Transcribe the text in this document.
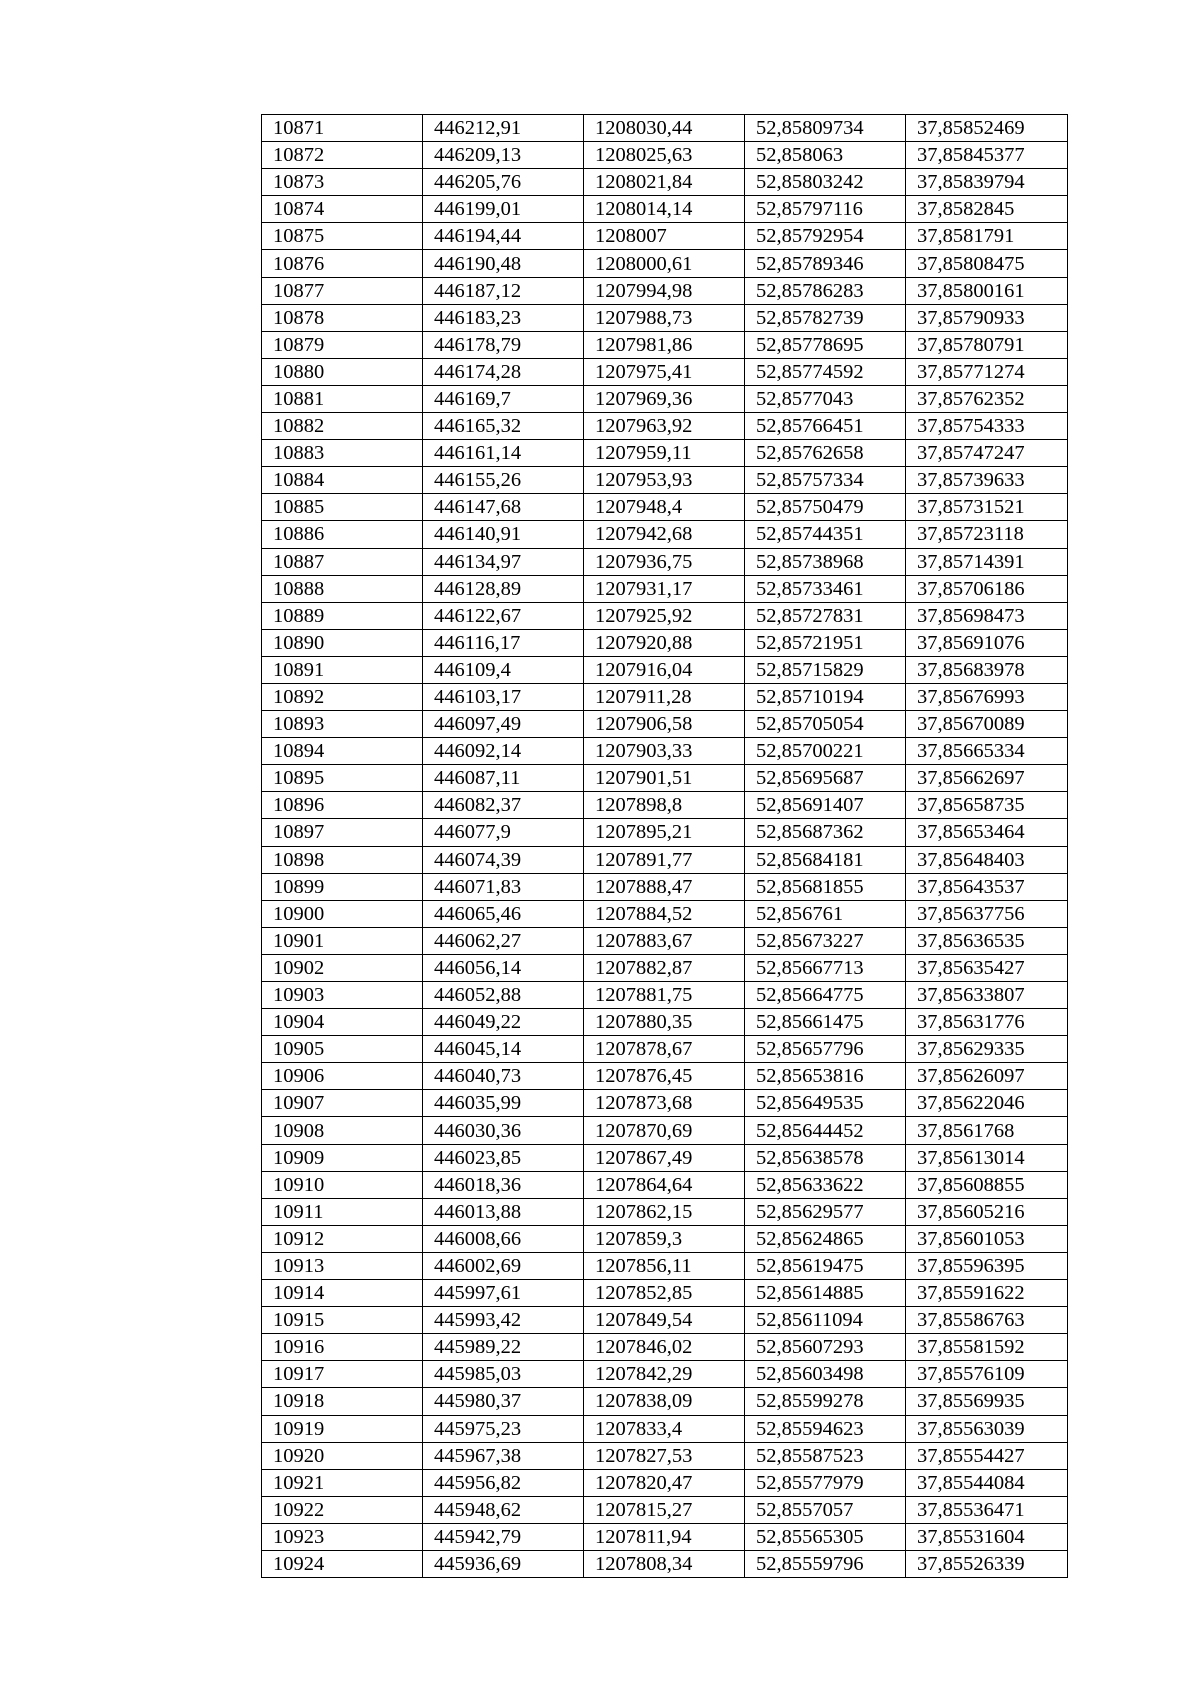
10871	446212,91	1208030,44	52,85809734	37,85852469
10872	446209,13	1208025,63	52,858063	37,85845377
10873	446205,76	1208021,84	52,85803242	37,85839794
10874	446199,01	1208014,14	52,85797116	37,8582845
10875	446194,44	1208007	52,85792954	37,8581791
10876	446190,48	1208000,61	52,85789346	37,85808475
10877	446187,12	1207994,98	52,85786283	37,85800161
10878	446183,23	1207988,73	52,85782739	37,85790933
10879	446178,79	1207981,86	52,85778695	37,85780791
10880	446174,28	1207975,41	52,85774592	37,85771274
10881	446169,7	1207969,36	52,8577043	37,85762352
10882	446165,32	1207963,92	52,85766451	37,85754333
10883	446161,14	1207959,11	52,85762658	37,85747247
10884	446155,26	1207953,93	52,85757334	37,85739633
10885	446147,68	1207948,4	52,85750479	37,85731521
10886	446140,91	1207942,68	52,85744351	37,85723118
10887	446134,97	1207936,75	52,85738968	37,85714391
10888	446128,89	1207931,17	52,85733461	37,85706186
10889	446122,67	1207925,92	52,85727831	37,85698473
10890	446116,17	1207920,88	52,85721951	37,85691076
10891	446109,4	1207916,04	52,85715829	37,85683978
10892	446103,17	1207911,28	52,85710194	37,85676993
10893	446097,49	1207906,58	52,85705054	37,85670089
10894	446092,14	1207903,33	52,85700221	37,85665334
10895	446087,11	1207901,51	52,85695687	37,85662697
10896	446082,37	1207898,8	52,85691407	37,85658735
10897	446077,9	1207895,21	52,85687362	37,85653464
10898	446074,39	1207891,77	52,85684181	37,85648403
10899	446071,83	1207888,47	52,85681855	37,85643537
10900	446065,46	1207884,52	52,856761	37,85637756
10901	446062,27	1207883,67	52,85673227	37,85636535
10902	446056,14	1207882,87	52,85667713	37,85635427
10903	446052,88	1207881,75	52,85664775	37,85633807
10904	446049,22	1207880,35	52,85661475	37,85631776
10905	446045,14	1207878,67	52,85657796	37,85629335
10906	446040,73	1207876,45	52,85653816	37,85626097
10907	446035,99	1207873,68	52,85649535	37,85622046
10908	446030,36	1207870,69	52,85644452	37,8561768
10909	446023,85	1207867,49	52,85638578	37,85613014
10910	446018,36	1207864,64	52,85633622	37,85608855
10911	446013,88	1207862,15	52,85629577	37,85605216
10912	446008,66	1207859,3	52,85624865	37,85601053
10913	446002,69	1207856,11	52,85619475	37,85596395
10914	445997,61	1207852,85	52,85614885	37,85591622
10915	445993,42	1207849,54	52,85611094	37,85586763
10916	445989,22	1207846,02	52,85607293	37,85581592
10917	445985,03	1207842,29	52,85603498	37,85576109
10918	445980,37	1207838,09	52,85599278	37,85569935
10919	445975,23	1207833,4	52,85594623	37,85563039
10920	445967,38	1207827,53	52,85587523	37,85554427
10921	445956,82	1207820,47	52,85577979	37,85544084
10922	445948,62	1207815,27	52,8557057	37,85536471
10923	445942,79	1207811,94	52,85565305	37,85531604
10924	445936,69	1207808,34	52,85559796	37,85526339
